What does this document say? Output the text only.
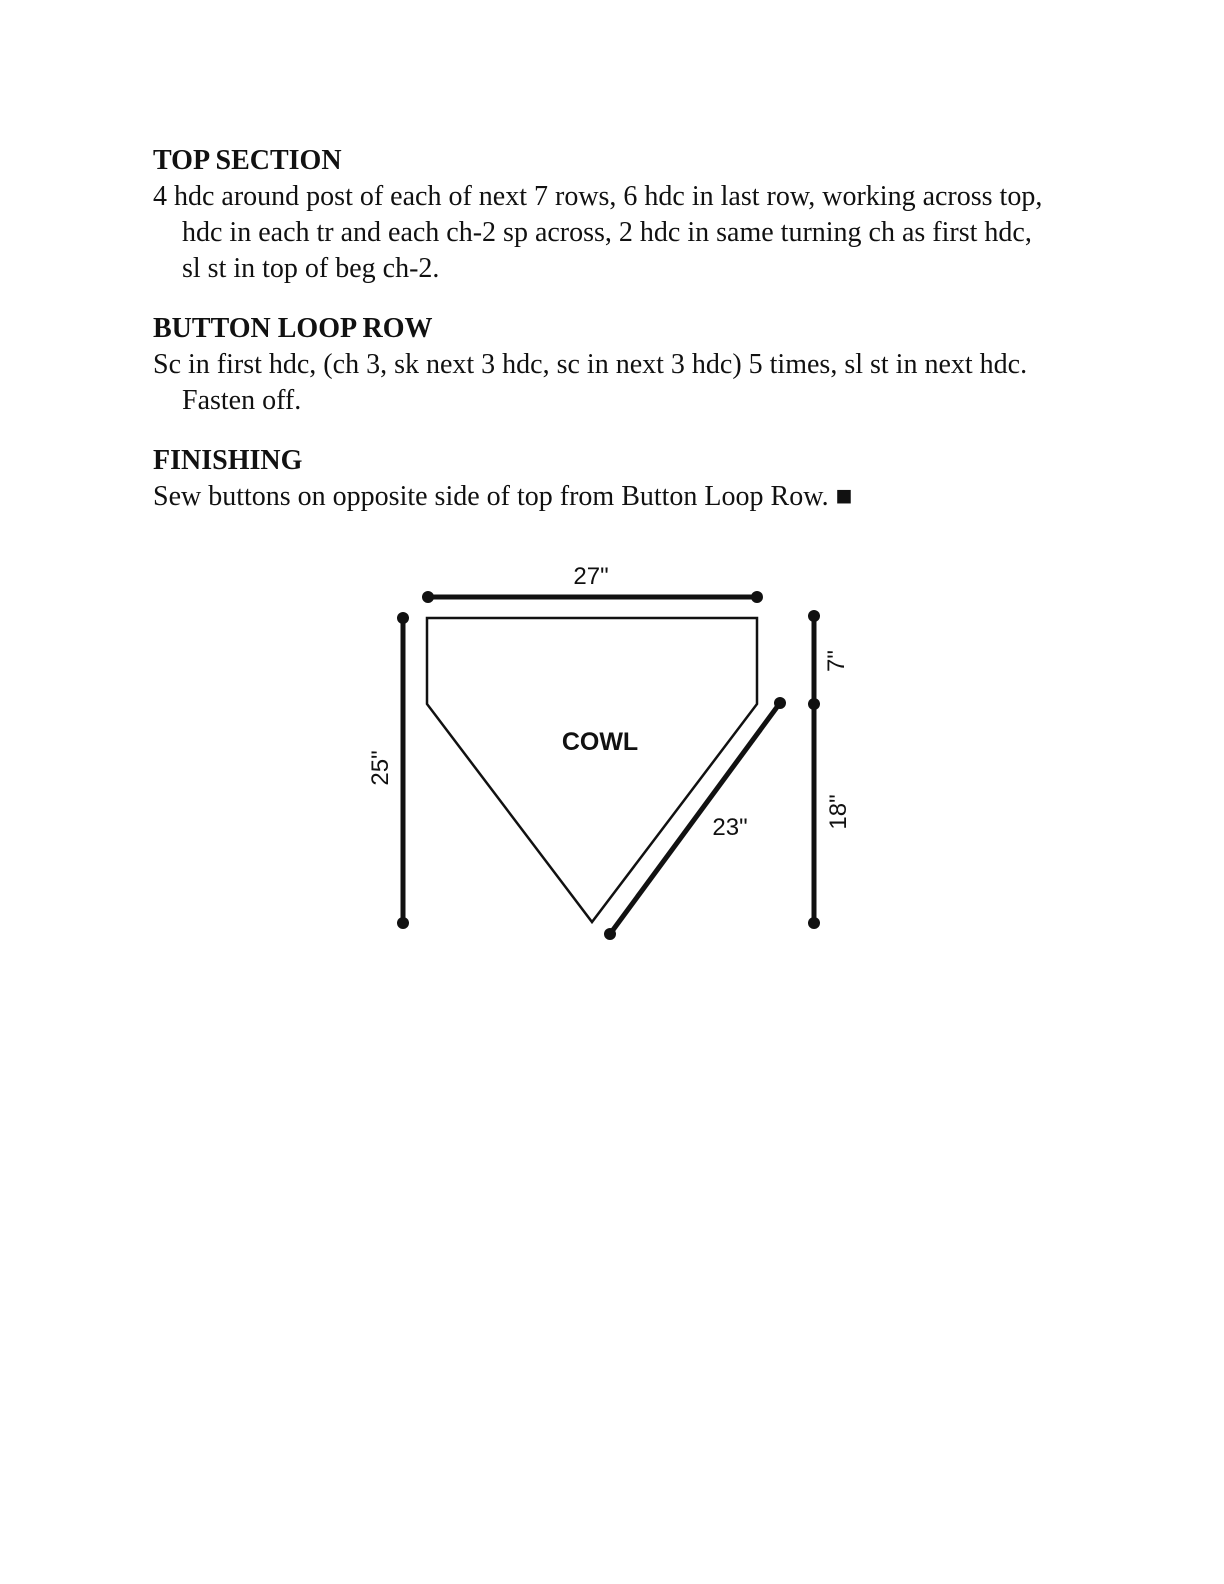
TOP SECTION

4 hdc around post of each of next 7 rows, 6 hdc in last row, working across top, hdc in each tr and each ch-2 sp across, 2 hdc in same turning ch as first hdc, sl st in top of beg ch-2.

BUTTON LOOP ROW

Sc in first hdc, (ch 3, sk next 3 hdc, sc in next 3 hdc) 5 times, sl st in next hdc. Fasten off.

FINISHING

Sew buttons on opposite side of top from Button Loop Row. ■

27"
COWL
23"
25"
7"
18"
